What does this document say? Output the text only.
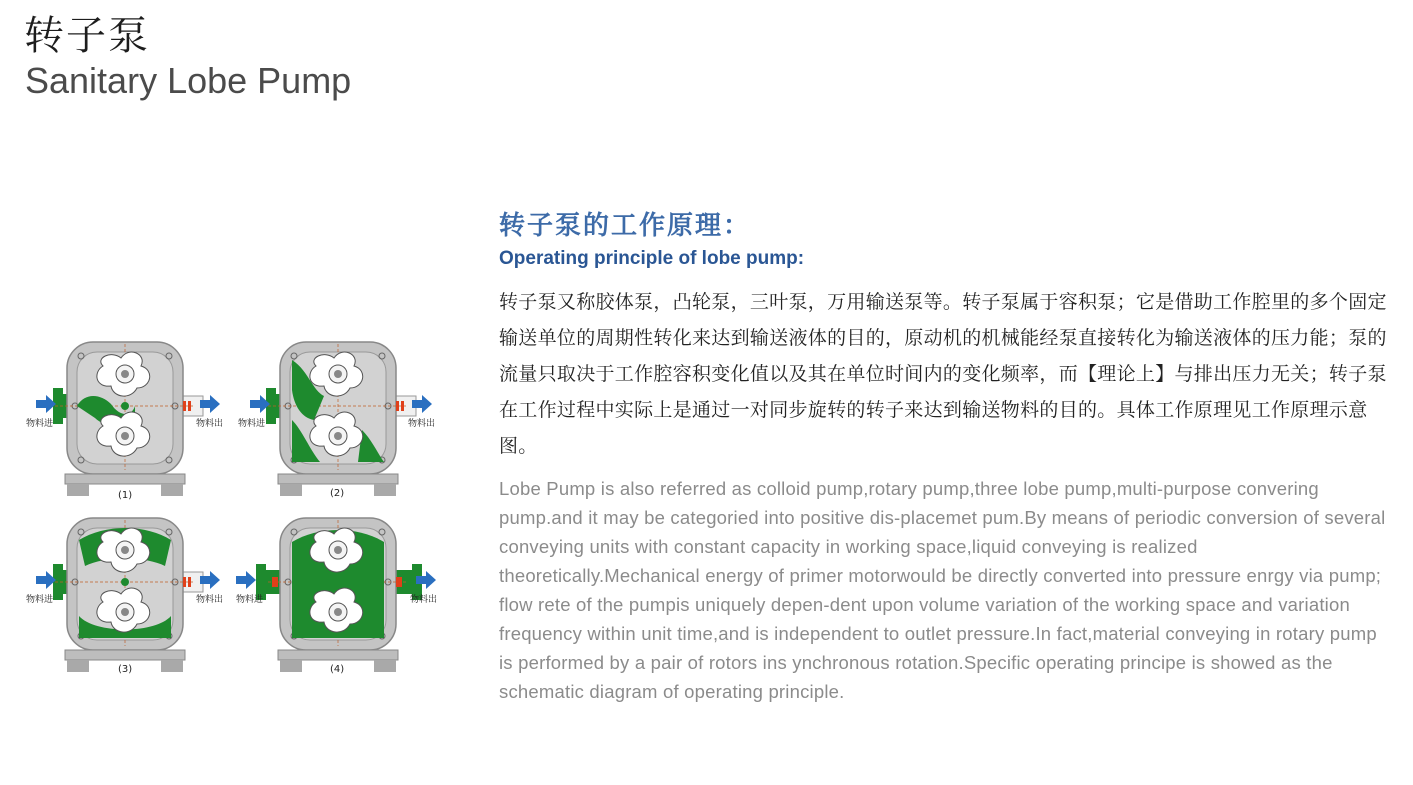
转子泵
Sanitary Lobe Pump
物料进	物料出
(1)
物料进	物料出
(2)
物料进	物料出
(3)
物料进	物料出
(4)
转子泵的工作原理：
Operating principle of lobe pump:

转子泵又称胶体泵，凸轮泵，三叶泵，万用输送泵等。转子泵属于容积泵；它是借助工作腔里的多个固定输送单位的周期性转化来达到输送液体的目的，原动机的机械能经泵直接转化为输送液体的压力能；泵的流量只取决于工作腔容积变化值以及其在单位时间内的变化频率，而【理论上】与排出压力无关；转子泵在工作过程中实际上是通过一对同步旋转的转子来达到输送物料的目的。具体工作原理见工作原理示意图。

Lobe Pump is also referred as colloid pump,rotary pump,three lobe pump,multi-purpose convering pump.and it may be categoried into positive dis-placemet pum.By means of periodic conversion of several conveying units with constant capacity in working space,liquid conveying is realized theoretically.Mechanical energy of primer motorwould be directly converted into pressure enrgy via pump; flow rete of the pumpis uniquely depen-dent upon volume variation of the working space and variation frequency within unit time,and is independent to outlet pressure.In fact,material conveying in rotary pump is performed by a pair of rotors ins ynchronous rotation.Specific operating principe is showed as the schematic diagram of operating principle.
